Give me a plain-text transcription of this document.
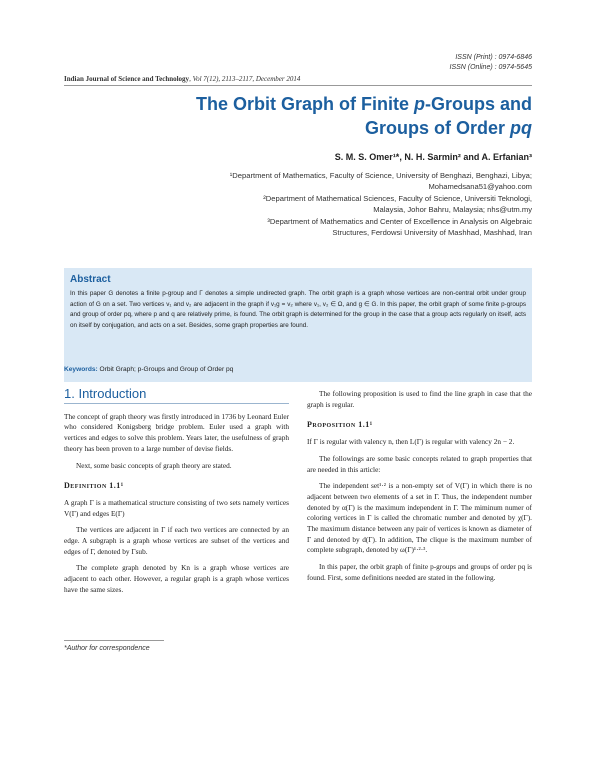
ISSN (Print) : 0974-6846
ISSN (Online) : 0974-5645
Indian Journal of Science and Technology, Vol 7(12), 2113–2117, December 2014
The Orbit Graph of Finite p-Groups and
Groups of Order pq
S. M. S. Omer¹*, N. H. Sarmin² and A. Erfanian³
¹Department of Mathematics, Faculty of Science, University of Benghazi, Benghazi, Libya;
Mohamedsana51@yahoo.com
²Department of Mathematical Sciences, Faculty of Science, Universiti Teknologi,
Malaysia, Johor Bahru, Malaysia; nhs@utm.my
³Department of Mathematics and Center of Excellence in Analysis on Algebraic
Structures, Ferdowsi University of Mashhad, Mashhad, Iran
Abstract

In this paper G denotes a finite p-group and Γ denotes a simple undirected graph. The orbit graph is a graph whose vertices are non-central orbit under group action of G on a set. Two vertices v₁ and v₂ are adjacent in the graph if v₁g = v₂ where v₁, v₂ ∈ Ω, and g ∈ G. In this paper, the orbit graph of some finite p-groups and group of order pq, where p and q are relatively prime, is found. The orbit graph is determined for the group in the case that a group acts regularly on itself, acts on itself by conjugation, and acts on a set. Besides, some graph properties are found.

Keywords: Orbit Graph; p-Groups and Group of Order pq
1. Introduction

The concept of graph theory was firstly introduced in 1736 by Leonard Euler who considered Konigsberg bridge problem. Euler used a graph with vertices and edges to solve this problem. Years later, the usefulness of graph theory has been proven to a large number of devise fields.

Next, some basic concepts of graph theory are stated.

Definition 1.1¹

A graph Γ is a mathematical structure consisting of two sets namely vertices V(Γ) and edges E(Γ)

The vertices are adjacent in Γ if each two vertices are connected by an edge. A subgraph is a graph whose vertices are subset of the vertices and edges of Γ, denoted by Γsub.

The complete graph denoted by Kn is a graph whose vertices are adjacent to each other. However, a regular graph is a graph whose vertices have the same sizes.

The following proposition is used to find the line graph in case that the graph is regular.

Proposition 1.1¹

If Γ is regular with valency n, then L(Γ) is regular with valency 2n − 2.

The followings are some basic concepts related to graph properties that are needed in this article:

The independent set¹·² is a non-empty set of V(Γ) in which there is no adjacent between two elements of a set in Γ. Thus, the independent number denoted by α(Γ) is the maximum independent in Γ. The miminum numer of coloring vertices in Γ is called the chromatic number and denoted by χ(Γ). The maximum distance between any pair of vertices is known as diameter of Γ and denoted by d(Γ). In addition, The clique is the maximum number of complete subgraph, denoted by ω(Γ)¹·²·³.

In this paper, the orbit graph of finite p-groups and groups of order pq is found. First, some definitions needed are stated in the following.

*Author for correspondence
